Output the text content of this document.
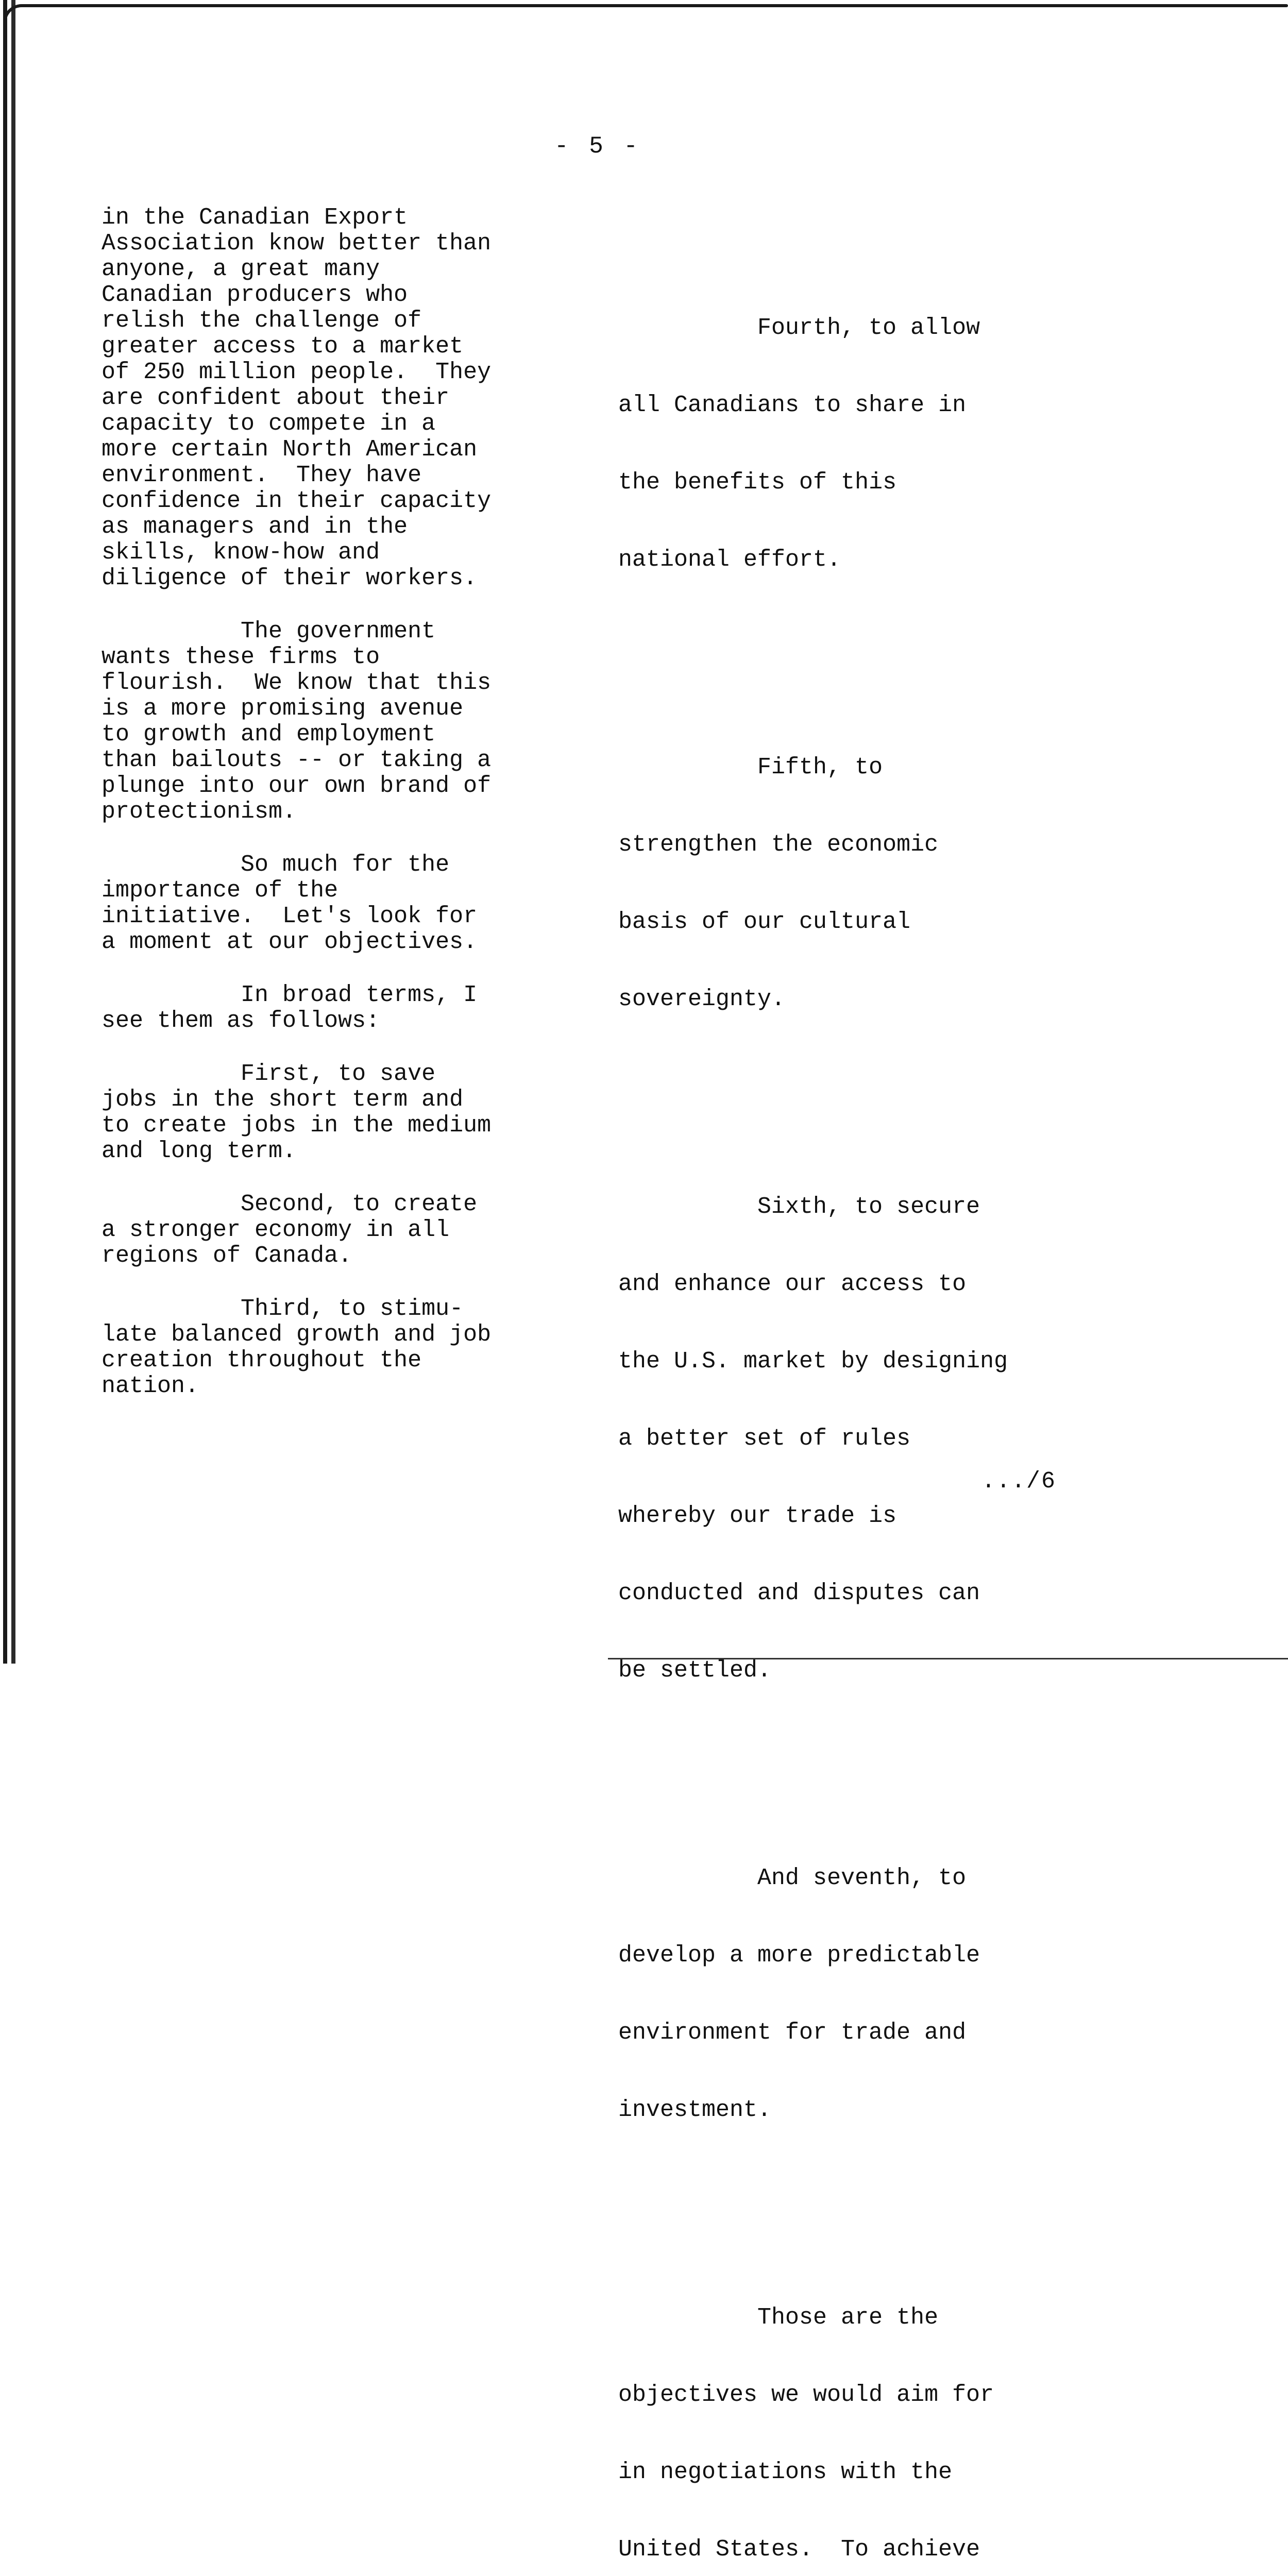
- 5 -
in the Canadian Export
Association know better than
anyone, a great many
Canadian producers who
relish the challenge of
greater access to a market
of 250 million people.  They
are confident about their
capacity to compete in a
more certain North American
environment.  They have
confidence in their capacity
as managers and in the
skills, know-how and
diligence of their workers.
The government
wants these firms to
flourish.  We know that this
is a more promising avenue
to growth and employment
than bailouts -- or taking a
plunge into our own brand of
protectionism.
So much for the
importance of the
initiative.  Let's look for
a moment at our objectives.
In broad terms, I
see them as follows:
First, to save
jobs in the short term and
to create jobs in the medium
and long term.
Second, to create
a stronger economy in all
regions of Canada.
Third, to stimu-
late balanced growth and job
creation throughout the
nation.

Fourth, to allow

all Canadians to share in

the benefits of this

national effort.

Fifth, to

strengthen the economic

basis of our cultural

sovereignty.

Sixth, to secure

and enhance our access to

the U.S. market by designing

a better set of rules

whereby our trade is

conducted and disputes can

be settled.

And seventh, to

develop a more predictable

environment for trade and

investment.

Those are the

objectives we would aim for

in negotiations with the

United States.  To achieve

.../6
